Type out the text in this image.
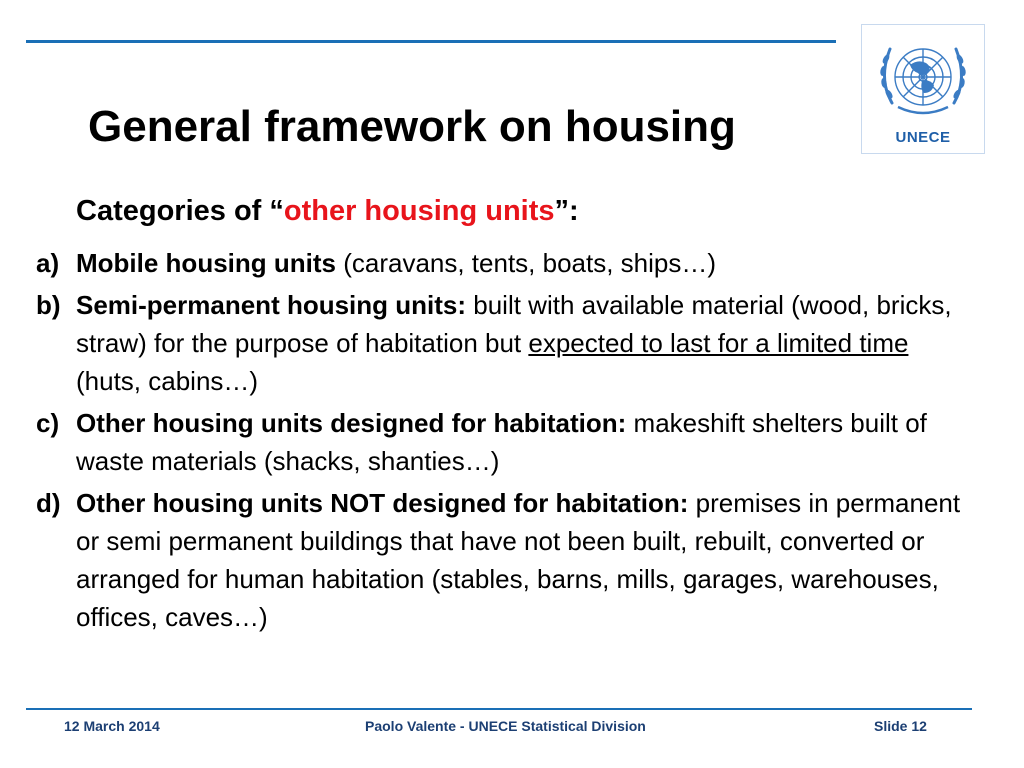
General framework on housing	UNECE
Categories of “other housing units”:
a) Mobile housing units (caravans, tents, boats, ships…)
b) Semi-permanent housing units: built with available material (wood, bricks, straw) for the purpose of habitation but expected to last for a limited time (huts, cabins…)
c) Other housing units designed for habitation: makeshift shelters built of waste materials (shacks, shanties…)
d) Other housing units NOT designed for habitation: premises in permanent or semi permanent buildings that have not been built, rebuilt, converted or arranged for human habitation (stables, barns, mills, garages, warehouses, offices, caves…)
12 March 2014	Paolo Valente - UNECE Statistical Division	Slide 12
